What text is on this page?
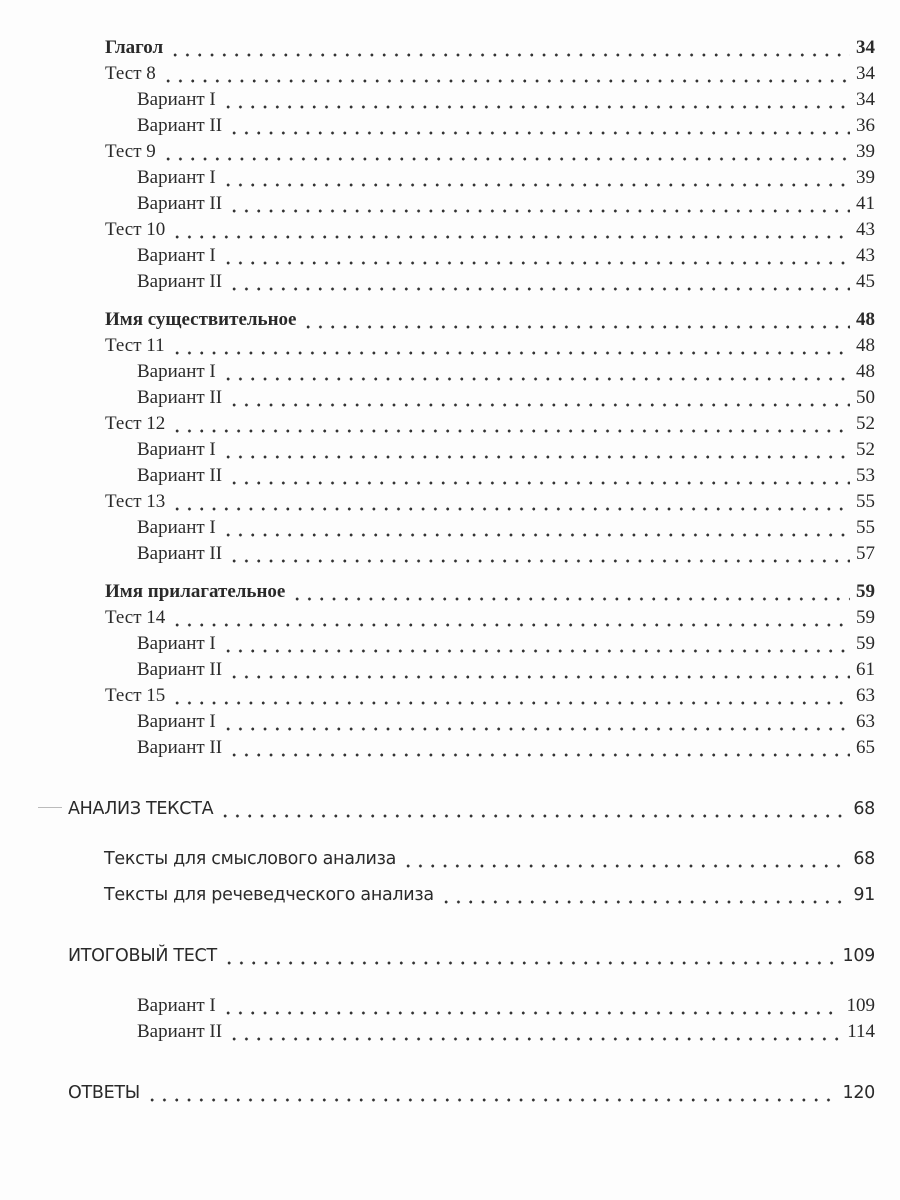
Глагол	34
Тест 8	34
Вариант I	34
Вариант II	36
Тест 9	39
Вариант I	39
Вариант II	41
Тест 10	43
Вариант I	43
Вариант II	45
Имя существительное	48
Тест 11	48
Вариант I	48
Вариант II	50
Тест 12	52
Вариант I	52
Вариант II	53
Тест 13	55
Вариант I	55
Вариант II	57
Имя прилагательное	59
Тест 14	59
Вариант I	59
Вариант II	61
Тест 15	63
Вариант I	63
Вариант II	65
АНАЛИЗ ТЕКСТА	68
Тексты для смыслового анализа	68
Тексты для речеведческого анализа	91
ИТОГОВЫЙ ТЕСТ	109
Вариант I	109
Вариант II	114
ОТВЕТЫ	120
